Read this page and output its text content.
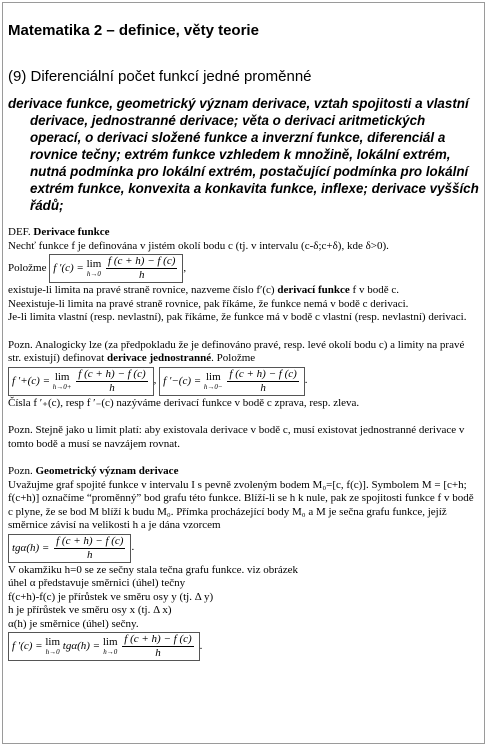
Matematika 2 – definice, věty teorie
(9) Diferenciální počet funkcí jedné proměnné
derivace funkce, geometrický význam derivace, vztah spojitosti a vlastní derivace, jednostranné derivace; věta o derivaci aritmetických operací, o derivaci složené funkce a inverzní funkce, diferenciál a rovnice tečny; extrém funkce vzhledem k množině, lokální extrém, nutná podmínka pro lokální extrém, postačující podmínka pro lokální extrém funkce, konvexita a konkavita funkce, inflexe; derivace vyšších řádů;

DEF. Derivace funkce

Nechť funkce f je definována v jistém okolí bodu c (tj. v intervalu (c-δ;c+δ), kde δ>0).

Položme
f ′(c) = lim
h→0
$\frac{f (c + h) - f (c)}{h}$ ,

existuje-li limita na pravé straně rovnice, nazveme číslo f′(c) derivací funkce f v bodě c.

Neexistuje-li limita na pravé straně rovnice, pak říkáme, že funkce nemá v bodě c derivaci.

Je-li limita vlastní (resp. nevlastní), pak říkáme, že funkce má v bodě c vlastní (resp. nevlastní) derivaci.

Pozn. Analogicky lze (za předpokladu že je definováno pravé, resp. levé okolí bodu c) a limity na pravé str. existují) definovat derivace jednostranné. Položme

f ′+(c) = lim
h→0+
$\frac{f (c + h) - f (c)}{h}$ ,
f ′−(c) = lim
h→0−
$\frac{f (c + h) - f (c)}{h}$ .

Čísla f ′₊(c), resp f ′₋(c) nazýváme derivací funkce v bodě c zprava, resp. zleva.

Pozn. Stejně jako u limit platí: aby existovala derivace v bodě c, musí existovat jednostranné derivace v tomto bodě a musí se navzájem rovnat.

Pozn. Geometrický význam derivace

Uvažujme graf spojité funkce v intervalu I s pevně zvoleným bodem M₀=[c, f(c)]. Symbolem M = [c+h; f(c+h)] označíme “proměnný” bod grafu této funkce. Blíží-li se h k nule, pak ze spojitosti funkce f v bodě c plyne, že se bod M blíží k budu M₀. Přímka procházející body M₀ a M je sečna grafu funkce, jejíž směrnice závisí na velikosti h a je dána vzorcem

$tg\alpha(h) = \frac{f (c + h) - f (c)}{h}$ .

V okamžiku h=0 se ze sečny stala tečna grafu funkce. viz obrázek

úhel α představuje směrnici (úhel) tečny

f(c+h)-f(c) je přírůstek ve směru osy y (tj. Δ y)

h je přírůstek ve směru osy x (tj. Δ x)

α(h) je směrnice (úhel) sečny.

f ′(c) = lim
h→0 tgα(h) = lim
h→0
$\frac{f (c + h) - f (c)}{h}$ .
